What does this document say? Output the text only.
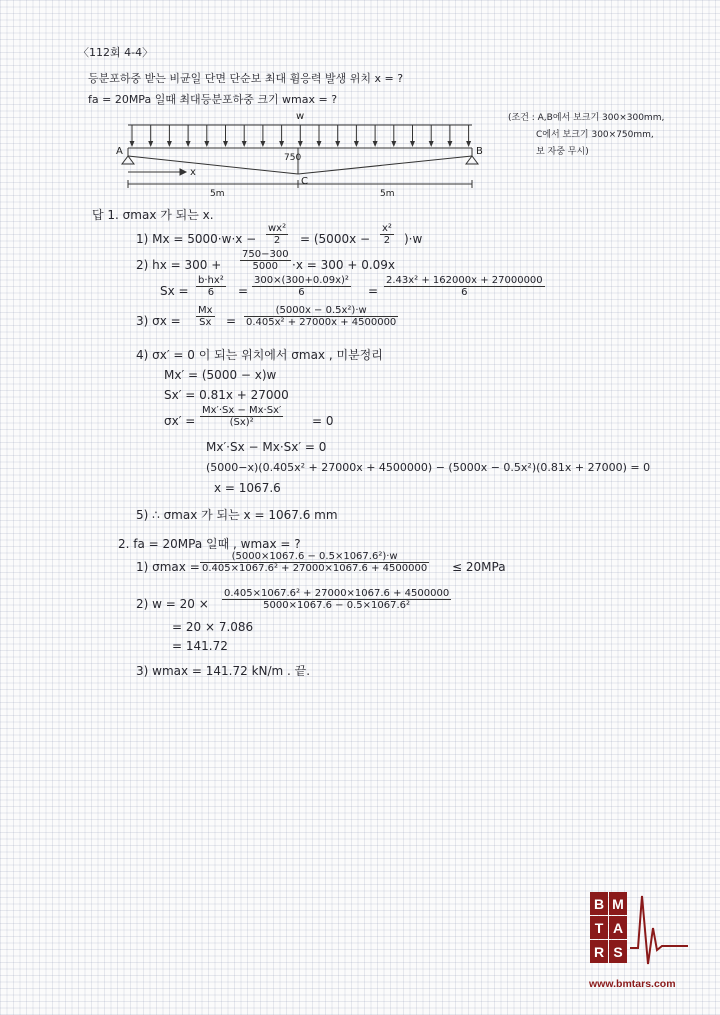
〈112회 4-4〉
등분포하중 받는 비균일 단면 단순보 최대 휨응력 발생 위치 x = ?
fa = 20MPa 일때 최대등분포하중 크기 wmax = ?
(조건 : A,B에서 보크기 300×300mm,
C에서 보크기 300×750mm,
보 자중 무시)
w
A	B
C
750
x
5m	5m
답 1. σmax 가 되는 x.
1) $Mx = 5000\cdot w\cdot x - \frac{\text{wx²}}{2} = (5000x - \frac{\text{x²}}{2} )\cdot w$
2) hx = $300 + \frac{750-300}{5000} \cdot x = 300 + 0.09x$
$Sx = \frac{\text{b·hx²}}{6} = \frac{\text{300×(300+0.09x)²}}{6} = \frac{\text{2.43x² + 162000x + 27000000}}{6}$
3) $\sigma x = \frac{Mx}{Sx} = \frac{\text{(5000x − 0.5x²)·w}}{\text{0.405x² + 27000x + 4500000}}$
4) σx′ = 0 이 되는 위치에서 σmax , 미분정리
Mx′ = (5000 − x)w
Sx′ = 0.81x + 27000
$\sigma x' = \frac{Mx'\cdot Sx - Mx\cdot Sx'}{\text{(Sx)²}} = 0$
Mx′·Sx − Mx·Sx′ = 0
(5000−x)(0.405x² + 27000x + 4500000) − (5000x − 0.5x²)(0.81x + 27000) = 0
x = 1067.6
5) ∴ σmax 가 되는 x = 1067.6 mm
2. fa = 20MPa 일때 , wmax = ?
1) $\sigma\max = \frac{\text{(5000×1067.6 − 0.5×1067.6²)·w}}{\text{0.405×1067.6² + 27000×1067.6 + 4500000}} \le 20MPa$
2) $w = 20 \times \frac{\text{0.405×1067.6² + 27000×1067.6 + 4500000}}{\text{5000×1067.6 − 0.5×1067.6²}}$
= 20 × 7.086
= 141.72
3) wmax = 141.72 kN/m . 끝.
B M
T A
R S
www.bmtars.com
